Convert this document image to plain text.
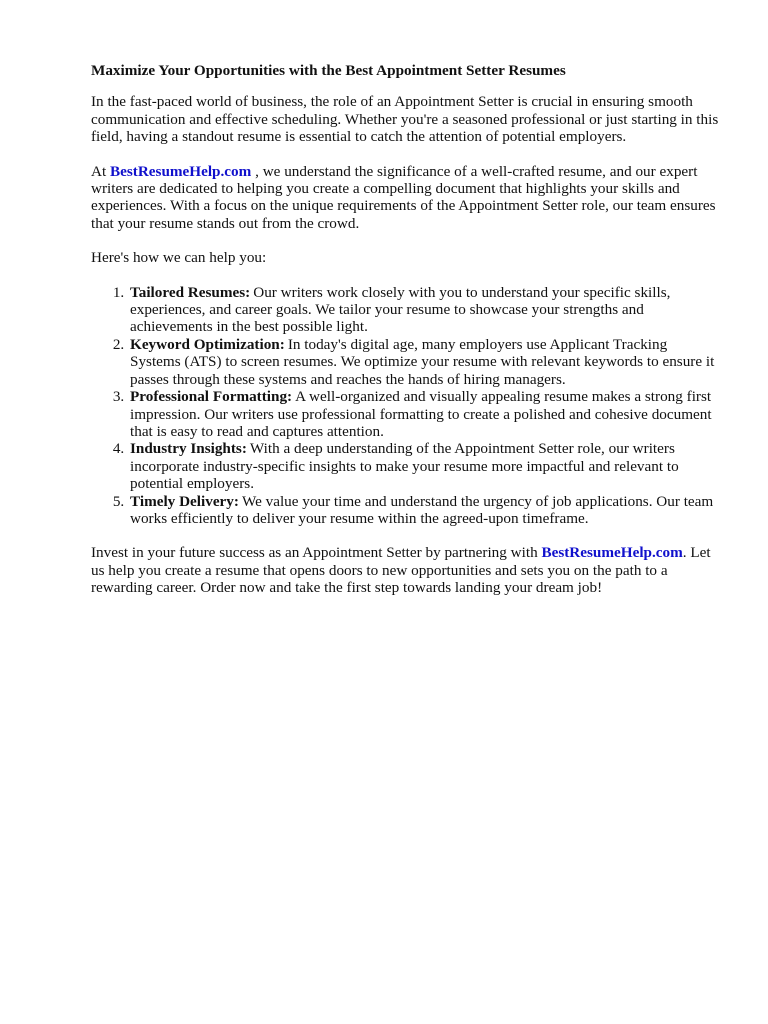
Maximize Your Opportunities with the Best Appointment Setter Resumes

In the fast-paced world of business, the role of an Appointment Setter is crucial in ensuring smooth communication and effective scheduling. Whether you're a seasoned professional or just starting in this field, having a standout resume is essential to catch the attention of potential employers.

At BestResumeHelp.com , we understand the significance of a well-crafted resume, and our expert writers are dedicated to helping you create a compelling document that highlights your skills and experiences. With a focus on the unique requirements of the Appointment Setter role, our team ensures that your resume stands out from the crowd.

Here's how we can help you:

1. Tailored Resumes: Our writers work closely with you to understand your specific skills, experiences, and career goals. We tailor your resume to showcase your strengths and achievements in the best possible light.
2. Keyword Optimization: In today's digital age, many employers use Applicant Tracking Systems (ATS) to screen resumes. We optimize your resume with relevant keywords to ensure it passes through these systems and reaches the hands of hiring managers.
3. Professional Formatting: A well-organized and visually appealing resume makes a strong first impression. Our writers use professional formatting to create a polished and cohesive document that is easy to read and captures attention.
4. Industry Insights: With a deep understanding of the Appointment Setter role, our writers incorporate industry-specific insights to make your resume more impactful and relevant to potential employers.
5. Timely Delivery: We value your time and understand the urgency of job applications. Our team works efficiently to deliver your resume within the agreed-upon timeframe.

Invest in your future success as an Appointment Setter by partnering with BestResumeHelp.com. Let us help you create a resume that opens doors to new opportunities and sets you on the path to a rewarding career. Order now and take the first step towards landing your dream job!
